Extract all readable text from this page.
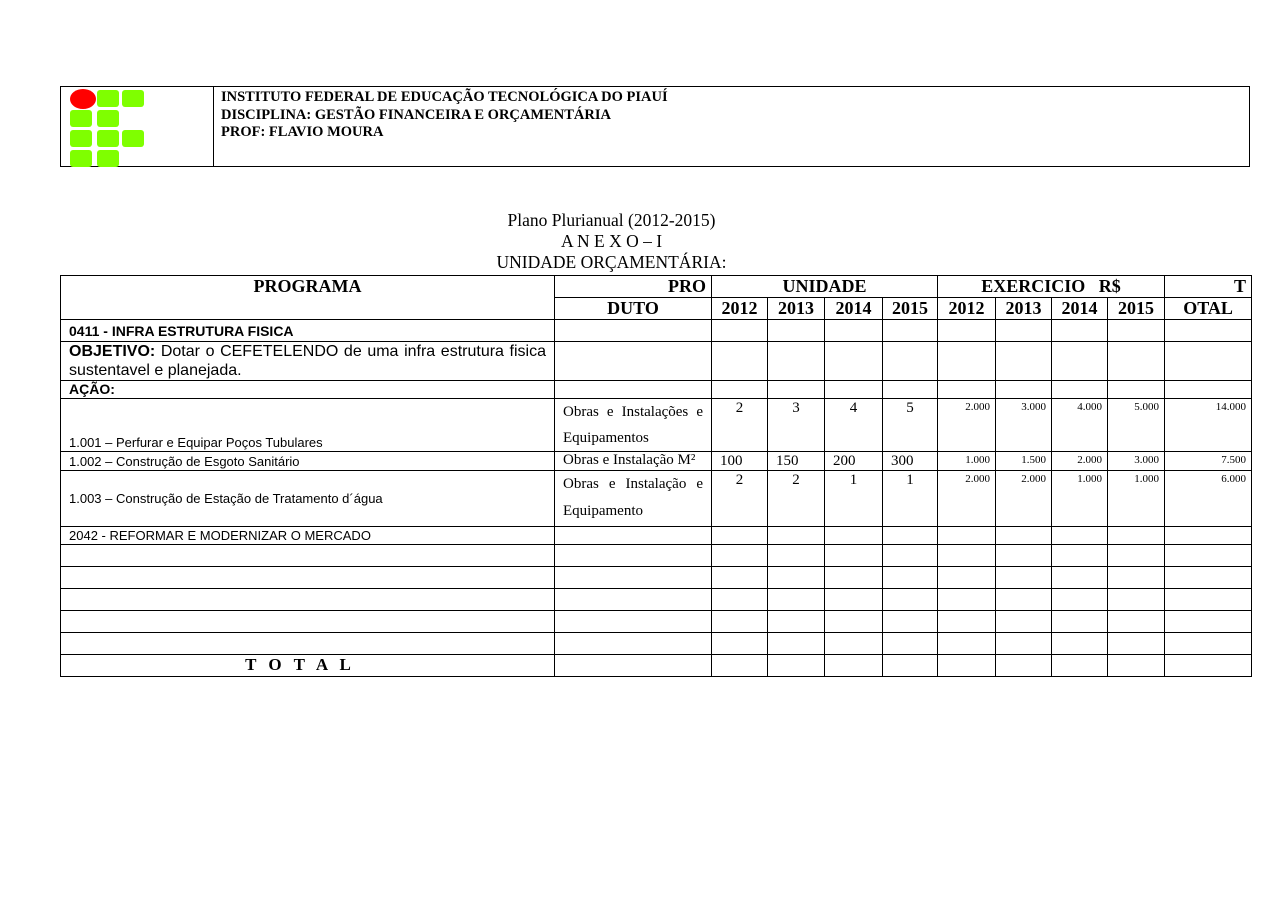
INSTITUTO FEDERAL DE EDUCAÇÃO TECNOLÓGICA DO PIAUÍ
DISCIPLINA: GESTÃO FINANCEIRA E ORÇAMENTÁRIA
PROF: FLAVIO MOURA
Plano Plurianual (2012-2015)
A N E X O – I
UNIDADE ORÇAMENTÁRIA:
PROGRAMA	PRO	UNIDADE				EXERCICIO   R$				T
	DUTO	2012	2013	2014	2015	2012	2013	2014	2015	OTAL
0411 - INFRA ESTRUTURA FISICA										
OBJETIVO: Dotar o CEFETELENDO de uma infra estrutura fisica sustentavel e planejada.										
AÇÃO:										
1.001 – Perfurar e Equipar Poços Tubulares	Obras e Instalações e Equipamentos	2	3	4	5	2.000	3.000	4.000	5.000	14.000
1.002 – Construção de Esgoto Sanitário	Obras e Instalação M²	100	150	200	300	1.000	1.500	2.000	3.000	7.500
1.003 – Construção de Estação de Tratamento d´água	Obras e Instalação e Equipamento	2	2	1	1	2.000	2.000	1.000	1.000	6.000
2042 - REFORMAR E MODERNIZAR O MERCADO										

T O T A L										
